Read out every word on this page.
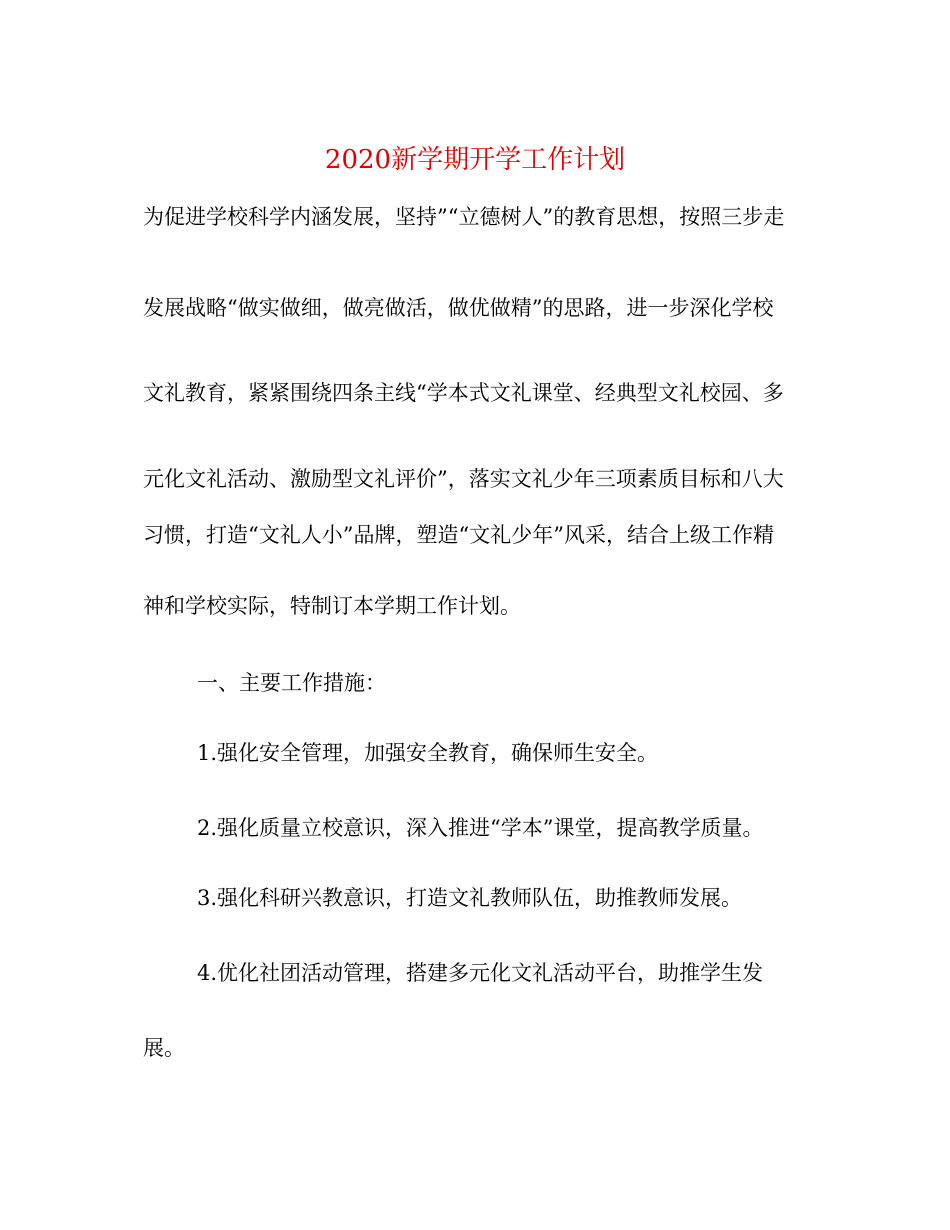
2020新学期开学工作计划

为促进学校科学内涵发展，坚持”“立德树人”的教育思想，按照三步走

发展战略“做实做细，做亮做活，做优做精”的思路，进一步深化学校

文礼教育，紧紧围绕四条主线“学本式文礼课堂、经典型文礼校园、多

元化文礼活动、激励型文礼评价”，落实文礼少年三项素质目标和八大

习惯，打造“文礼人小”品牌，塑造“文礼少年”风采，结合上级工作精

神和学校实际，特制订本学期工作计划。

一、主要工作措施：

1.强化安全管理，加强安全教育，确保师生安全。

2.强化质量立校意识，深入推进“学本”课堂，提高教学质量。

3.强化科研兴教意识，打造文礼教师队伍，助推教师发展。

4.优化社团活动管理，搭建多元化文礼活动平台，助推学生发

展。
